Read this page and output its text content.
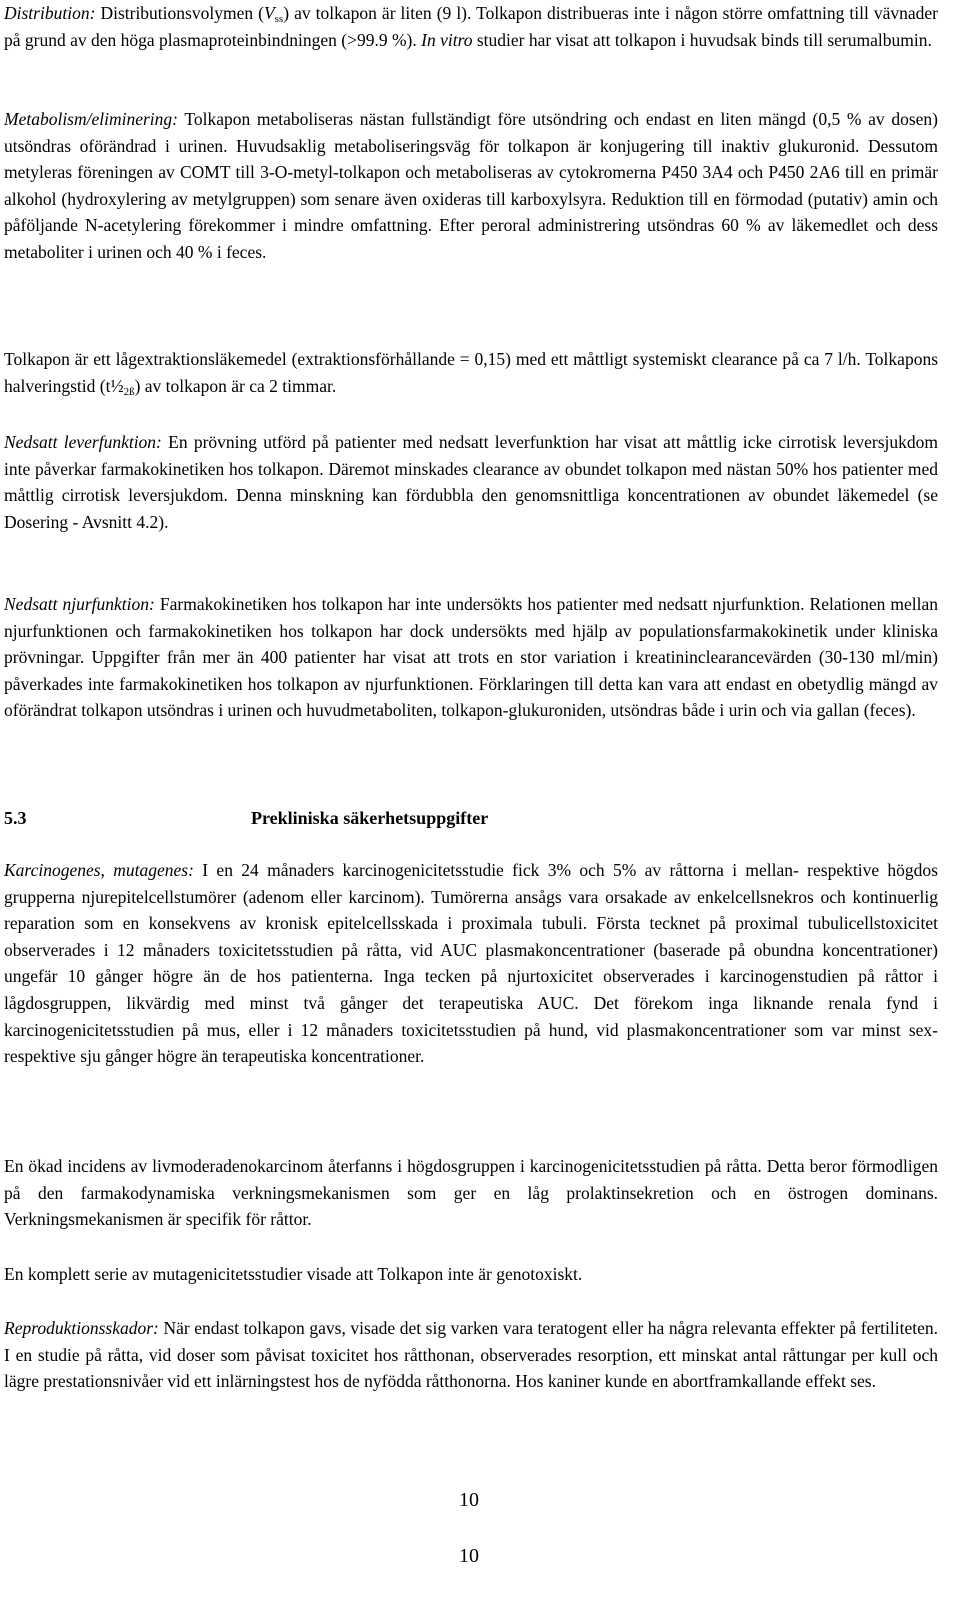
Distribution: Distributionsvolymen $(V_{ss})$ av tolkapon är liten (9 l). Tolkapon distribueras inte i någon större omfattning till vävnader på grund av den höga plasmaproteinbindningen (>99.9 %). In vitro studier har visat att tolkapon i huvudsak binds till serumalbumin.

Metabolism/eliminering: Tolkapon metaboliseras nästan fullständigt före utsöndring och endast en liten mängd (0,5 % av dosen) utsöndras oförändrad i urinen. Huvudsaklig metaboliseringsväg för tolkapon är konjugering till inaktiv glukuronid. Dessutom metyleras föreningen av COMT till 3-O-metyl-tolkapon och metaboliseras av cytokromerna P450 3A4 och P450 2A6 till en primär alkohol (hydroxylering av metylgruppen) som senare även oxideras till karboxylsyra. Reduktion till en förmodad (putativ) amin och påföljande N-acetylering förekommer i mindre omfattning. Efter peroral administrering utsöndras 60 % av läkemedlet och dess metaboliter i urinen och 40 % i feces.

Tolkapon är ett lågextraktionsläkemedel (extraktionsförhållande = 0,15) med ett måttligt systemiskt clearance på ca 7 l/h. Tolkapons halveringstid $(t\frac{1}{2}_{2ß})$ av tolkapon är ca 2 timmar.

Nedsatt leverfunktion: En prövning utförd på patienter med nedsatt leverfunktion har visat att måttlig icke cirrotisk leversjukdom inte påverkar farmakokinetiken hos tolkapon. Däremot minskades clearance av obundet tolkapon med nästan 50% hos patienter med måttlig cirrotisk leversjukdom. Denna minskning kan fördubbla den genomsnittliga koncentrationen av obundet läkemedel (se Dosering - Avsnitt 4.2).

Nedsatt njurfunktion: Farmakokinetiken hos tolkapon har inte undersökts hos patienter med nedsatt njurfunktion. Relationen mellan njurfunktionen och farmakokinetiken hos tolkapon har dock undersökts med hjälp av populationsfarmakokinetik under kliniska prövningar. Uppgifter från mer än 400 patienter har visat att trots en stor variation i kreatininclearancevärden (30-130 ml/min) påverkades inte farmakokinetiken hos tolkapon av njurfunktionen. Förklaringen till detta kan vara att endast en obetydlig mängd av oförändrat tolkapon utsöndras i urinen och huvudmetaboliten, tolkapon-glukuroniden, utsöndras både i urin och via gallan (feces).

5.3	Prekliniska säkerhetsuppgifter

Karcinogenes, mutagenes: I en 24 månaders karcinogenicitetsstudie fick 3% och 5% av råttorna i mellan- respektive högdos grupperna njurepitelcellstumörer (adenom eller karcinom). Tumörerna ansågs vara orsakade av enkelcellsnekros och kontinuerlig reparation som en konsekvens av kronisk epitelcellsskada i proximala tubuli. Första tecknet på proximal tubulicellstoxicitet observerades i 12 månaders toxicitetsstudien på råtta, vid AUC plasmakoncentrationer (baserade på obundna koncentrationer) ungefär 10 gånger högre än de hos patienterna. Inga tecken på njurtoxicitet observerades i karcinogenstudien på råttor i lågdosgruppen, likvärdig med minst två gånger det terapeutiska AUC. Det förekom inga liknande renala fynd i karcinogenicitetsstudien på mus, eller i 12 månaders toxicitetsstudien på hund, vid plasmakoncentrationer som var minst sex- respektive sju gånger högre än terapeutiska koncentrationer.

En ökad incidens av livmoderadenokarcinom återfanns i högdosgruppen i karcinogenicitetsstudien på råtta. Detta beror förmodligen på den farmakodynamiska verkningsmekanismen som ger en låg prolaktinsekretion och en östrogen dominans. Verkningsmekanismen är specifik för råttor.

En komplett serie av mutagenicitetsstudier visade att Tolkapon inte är genotoxiskt.

Reproduktionsskador: När endast tolkapon gavs, visade det sig varken vara teratogent eller ha några relevanta effekter på fertiliteten. I en studie på råtta, vid doser som påvisat toxicitet hos råtthonan, observerades resorption, ett minskat antal råttungar per kull och lägre prestationsnivåer vid ett inlärningstest hos de nyfödda råtthonorna. Hos kaniner kunde en abortframkallande effekt ses.

10
10
